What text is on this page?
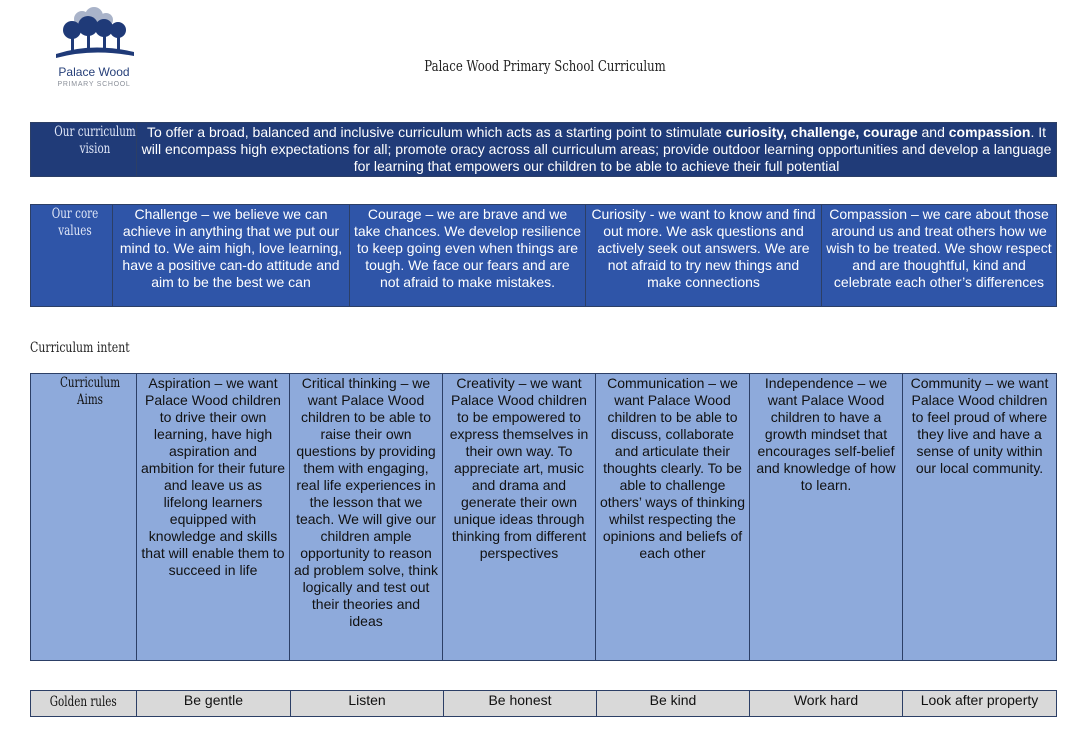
Palace Wood
PRIMARY SCHOOL
Palace Wood Primary School Curriculum
Our curriculum vision	To offer a broad, balanced and inclusive curriculum which acts as a starting point to stimulate curiosity, challenge, courage and compassion. It will encompass high expectations for all; promote oracy across all curriculum areas; provide outdoor learning opportunities and develop a language for learning that empowers our children to be able to achieve their full potential
Our core values	Challenge – we believe we can achieve in anything that we put our mind to. We aim high, love learning, have a positive can-do attitude and aim to be the best we can	Courage – we are brave and we take chances. We develop resilience to keep going even when things are tough. We face our fears and are not afraid to make mistakes.	Curiosity - we want to know and find out more. We ask questions and actively seek out answers. We are not afraid to try new things and make connections	Compassion – we care about those around us and treat others how we wish to be treated. We show respect and are thoughtful, kind and celebrate each other’s differences
Curriculum intent
Curriculum Aims	Aspiration – we want Palace Wood children to drive their own learning, have high aspiration and ambition for their future and leave us as lifelong learners equipped with knowledge and skills that will enable them to succeed in life	Critical thinking – we want Palace Wood children to be able to raise their own questions by providing them with engaging, real life experiences in the lesson that we teach. We will give our children ample opportunity to reason ad problem solve, think logically and test out their theories and ideas	Creativity – we want Palace Wood children to be empowered to express themselves in their own way. To appreciate art, music and drama and generate their own unique ideas through thinking from different perspectives	Communication – we want Palace Wood children to be able to discuss, collaborate and articulate their thoughts clearly. To be able to challenge others’ ways of thinking whilst respecting the opinions and beliefs of each other	Independence – we want Palace Wood children to have a growth mindset that encourages self-belief and knowledge of how to learn.	Community – we want Palace Wood children to feel proud of where they live and have a sense of unity within our local community.
Golden rules	Be gentle	Listen	Be honest	Be kind	Work hard	Look after property
